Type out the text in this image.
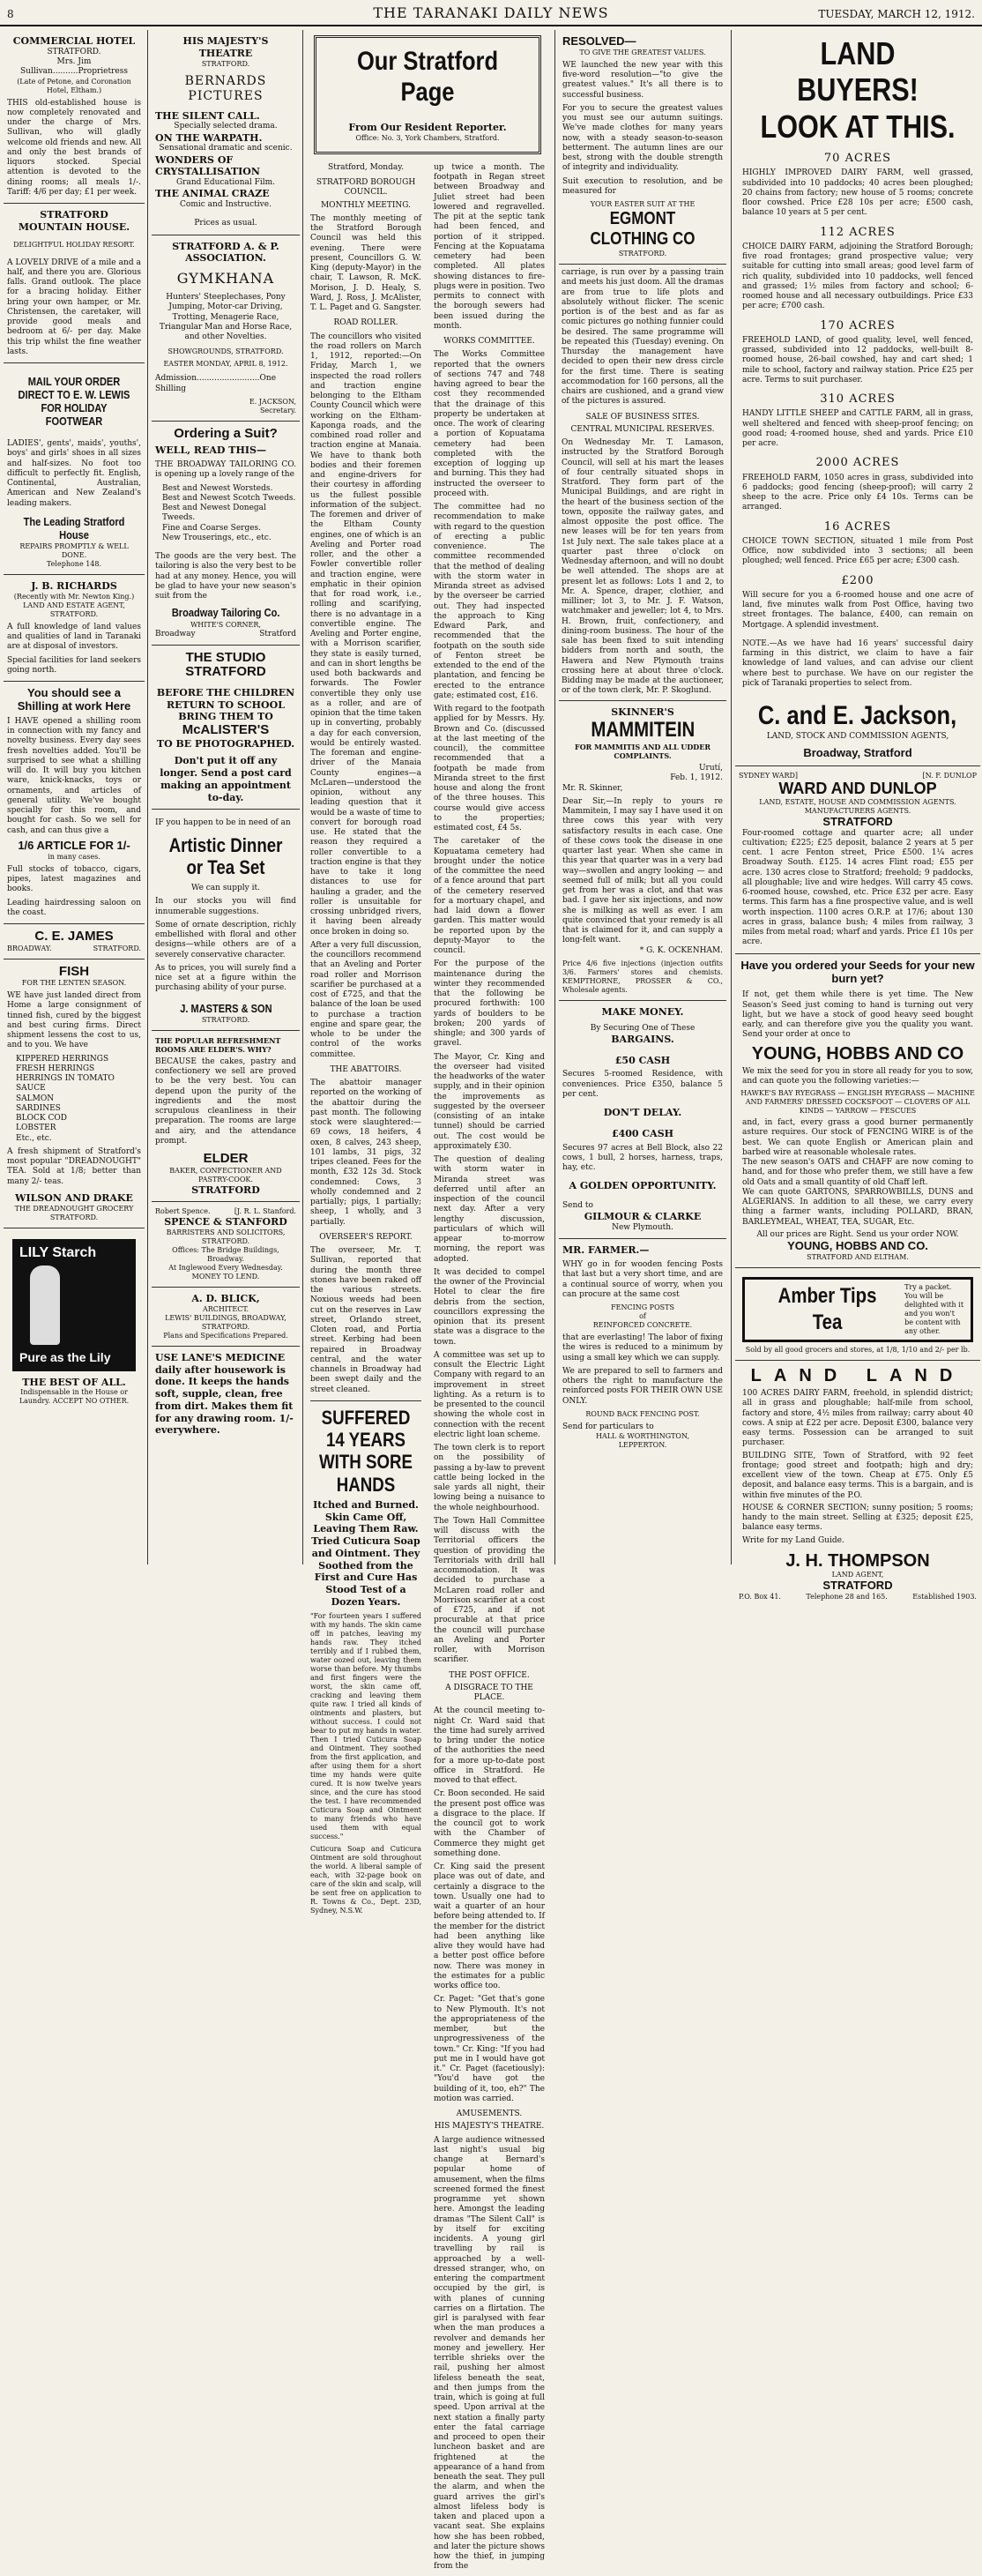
8	THE TARANAKI DAILY NEWS	TUESDAY, MARCH 12, 1912.
COMMERCIAL HOTEL
STRATFORD.
Mrs. Jim Sullivan..........Proprietress
(Late of Petone, and Coronation Hotel, Eltham.)
THIS old-established house is now completely renovated and under the charge of Mrs. Sullivan, who will gladly welcome old friends and new. All and only the best brands of liquors stocked. Special attention is devoted to the dining rooms; all meals 1/-. Tariff: 4/6 per day; £1 per week.
STRATFORD MOUNTAIN HOUSE.
DELIGHTFUL HOLIDAY RESORT.
A LOVELY DRIVE of a mile and a half, and there you are. Glorious falls. Grand outlook. The place for a bracing holiday. Either bring your own hamper, or Mr. Christensen, the caretaker, will provide good meals and bedroom at 6/- per day. Make this trip whilst the fine weather lasts.
MAIL YOUR ORDER DIRECT TO E. W. LEWIS FOR HOLIDAY FOOTWEAR
LADIES', gents', maids', youths', boys' and girls' shoes in all sizes and half-sizes. No foot too difficult to perfectly fit. English, Continental, Australian, American and New Zealand's leading makers.
The Leading Stratford House
REPAIRS PROMPTLY & WELL DONE.
Telephone 148.
J. B. RICHARDS
(Recently with Mr. Newton King.)
LAND AND ESTATE AGENT,
STRATFORD.
A full knowledge of land values and qualities of land in Taranaki are at disposal of investors.
Special facilities for land seekers going north.
You should see a Shilling at work Here
I HAVE opened a shilling room in connection with my fancy and novelty business. Every day sees fresh novelties added. You'll be surprised to see what a shilling will do. It will buy you kitchen ware, knick-knacks, toys or ornaments, and articles of general utility. We've bought specially for this room, and bought for cash. So we sell for cash, and can thus give a
1/6 ARTICLE FOR 1/-
in many cases.
Full stocks of tobacco, cigars, pipes, latest magazines and books.
Leading hairdressing saloon on the coast.
C. E. JAMES
BROADWAY.	STRATFORD.
FISH
FOR THE LENTEN SEASON.
WE have just landed direct from Home a large consignment of tinned fish, cured by the biggest and best curing firms. Direct shipment lessens the cost to us, and to you. We have
KIPPERED HERRINGS
FRESH HERRINGS
HERRINGS IN TOMATO SAUCE
SALMON
SARDINES
BLOCK COD
LOBSTER
Etc., etc.
A fresh shipment of Stratford's most popular "DREADNOUGHT" TEA. Sold at 1/8; better than many 2/- teas.
WILSON AND DRAKE
THE DREADNOUGHT GROCERY
STRATFORD.
LILY Starch
Pure as the Lily
THE BEST OF ALL.
Indispensable in the House or Laundry. ACCEPT NO OTHER.
HIS MAJESTY'S THEATRE
STRATFORD.
BERNARDS PICTURES
THE SILENT CALL.
Specially selected drama.
ON THE WARPATH.
Sensational dramatic and scenic.
WONDERS OF CRYSTALLISATION
Grand Educational Film.
THE ANIMAL CRAZE
Comic and Instructive.
Prices as usual.
STRATFORD A. & P. ASSOCIATION.
GYMKHANA
Hunters' Steeplechases, Pony Jumping, Motor-car Driving, Trotting, Menagerie Race, Triangular Man and Horse Race, and other Novelties.
SHOWGROUNDS, STRATFORD.
EASTER MONDAY, APRIL 8, 1912.
Admission.........................One Shilling
E. JACKSON,
Secretary.
Ordering a Suit?
WELL, READ THIS—
THE BROADWAY TAILORING CO. is opening up a lovely range of the
Best and Newest Worsteds.
Best and Newest Scotch Tweeds.
Best and Newest Donegal Tweeds.
Fine and Coarse Serges.
New Trouserings, etc., etc.
The goods are the very best. The tailoring is also the very best to be had at any money. Hence, you will be glad to have your new season's suit from the
Broadway Tailoring Co.
WHITE'S CORNER,
Broadway	Stratford
THE STUDIO STRATFORD
BEFORE THE CHILDREN RETURN TO SCHOOL BRING THEM TO
McALISTER'S
TO BE PHOTOGRAPHED.
Don't put it off any longer. Send a post card making an appointment to-day.
IF you happen to be in need of an
Artistic Dinner or Tea Set
We can supply it.
In our stocks you will find innumerable suggestions.
Some of ornate description, richly embellished with floral and other designs—while others are of a severely conservative character.
As to prices, you will surely find a nice set at a figure within the purchasing ability of your purse.
J. MASTERS & SON
STRATFORD.
THE POPULAR REFRESHMENT ROOMS ARE ELDER'S. WHY?
BECAUSE the cakes, pastry and confectionery we sell are proved to be the very best. You can depend upon the purity of the ingredients and the most scrupulous cleanliness in their preparation. The rooms are large and airy, and the attendance prompt.
ELDER
BAKER, CONFECTIONER AND PASTRY-COOK.
STRATFORD
Robert Spence.	[J. R. L. Stanford.
SPENCE & STANFORD
BARRISTERS AND SOLICITORS, STRATFORD.
Offices: The Bridge Buildings, Broadway.
At Inglewood Every Wednesday.
MONEY TO LEND.
A. D. BLICK,
ARCHITECT.
LEWIS' BUILDINGS, BROADWAY, STRATFORD.
Plans and Specifications Prepared.
USE LANE'S MEDICINE daily after housework is done. It keeps the hands soft, supple, clean, free from dirt. Makes them fit for any drawing room. 1/- everywhere.
Our Stratford Page
From Our Resident Reporter.
Office: No. 3, York Chambers, Stratford.
Stratford, Monday.
STRATFORD BOROUGH COUNCIL.
MONTHLY MEETING.
The monthly meeting of the Stratford Borough Council was held this evening. There were present, Councillors G. W. King (deputy-Mayor) in the chair, T. Lawson, R. McK. Morison, J. D. Healy, S. Ward, J. Ross, J. McAlister, T. L. Paget and G. Sangster.
ROAD ROLLER.
The councillors who visited the road rollers on March 1, 1912, reported:—On Friday, March 1, we inspected the road rollers and traction engine belonging to the Eltham County Council which were working on the Eltham-Kaponga roads, and the combined road roller and traction engine at Manaia. We have to thank both bodies and their foremen and engine-drivers for their courtesy in affording us the fullest possible information of the subject. The foremen and driver of the Eltham County engines, one of which is an Aveling and Porter road roller, and the other a Fowler convertible roller and traction engine, were emphatic in their opinion that for road work, i.e., rolling and scarifying, there is no advantage in a convertible engine. The Aveling and Porter engine, with a Morrison scarifier, they state is easily turned, and can in short lengths be used both backwards and forwards. The Fowler convertible they only use as a roller, and are of opinion that the time taken up in converting, probably a day for each conversion, would be entirely wasted. The foreman and engine-driver of the Manaia County engines—a McLaren—understood the opinion, without any leading question that it would be a waste of time to convert for borough road use. He stated that the reason they required a roller convertible to a traction engine is that they have to take it long distances to use for hauling a grader, and the roller is unsuitable for crossing unbridged rivers, it having been already once broken in doing so.
After a very full discussion, the councillors recommend that an Aveling and Porter road roller and Morrison scarifier be purchased at a cost of £725, and that the balance of the loan be used to purchase a traction engine and spare gear, the whole to be under the control of the works committee.
THE ABATTOIRS.
The abattoir manager reported on the working of the abattoir during the past month. The following stock were slaughtered:—69 cows, 18 heifers, 4 oxen, 8 calves, 243 sheep, 101 lambs, 31 pigs, 32 tripes cleaned. Fees for the month, £32 12s 3d. Stock condemned: Cows, 3 wholly condemned and 2 partially; pigs, 1 partially; sheep, 1 wholly, and 3 partially.
OVERSEER'S REPORT.
The overseer, Mr. T. Sullivan, reported that during the month three stones have been raked off the various streets. Noxious weeds had been cut on the reserves in Law street, Orlando street, Cloten road, and Portia street. Kerbing had been repaired in Broadway central, and the water channels in Broadway had been swept daily and the street cleaned.
SUFFERED 14 YEARS WITH SORE HANDS
Itched and Burned. Skin Came Off, Leaving Them Raw. Tried Cuticura Soap and Ointment. They Soothed from the First and Cure Has Stood Test of a Dozen Years.
"For fourteen years I suffered with my hands. The skin came off in patches, leaving my hands raw. They itched terribly and if I rubbed them, water oozed out, leaving them worse than before. My thumbs and first fingers were the worst, the skin came off, cracking and leaving them quite raw. I tried all kinds of ointments and plasters, but without success. I could not bear to put my hands in water. Then I tried Cuticura Soap and Ointment. They soothed from the first application, and after using them for a short time my hands were quite cured. It is now twelve years since, and the cure has stood the test. I have recommended Cuticura Soap and Ointment to many friends who have used them with equal success."
Cuticura Soap and Cuticura Ointment are sold throughout the world. A liberal sample of each, with 32-page book on care of the skin and scalp, will be sent free on application to R. Towns & Co., Dept. 23D, Sydney, N.S.W.
up twice a month. The footpath in Regan street between Broadway and Juliet street had been lowered and regravelled. The pit at the septic tank had been fenced, and portion of it stripped. Fencing at the Kopuatama cemetery had been completed. All plates showing distances to fire-plugs were in position. Two permits to connect with the borough sewers had been issued during the month.
WORKS COMMITTEE.
The Works Committee reported that the owners of sections 747 and 748 having agreed to bear the cost they recommended that the drainage of this property be undertaken at once. The work of clearing a portion of Kopuatama cemetery had been completed with the exception of logging up and burning. This they had instructed the overseer to proceed with.
The committee had no recommendation to make with regard to the question of erecting a public convenience. The committee recommended that the method of dealing with the storm water in Miranda street as advised by the overseer be carried out. They had inspected the approach to King Edward Park, and recommended that the footpath on the south side of Fenton street be extended to the end of the plantation, and fencing be erected to the entrance gate; estimated cost, £16.
With regard to the footpath applied for by Messrs. Hy. Brown and Co. (discussed at the last meeting of the council), the committee recommended that a footpath be made from Miranda street to the first house and along the front of the three houses. This course would give access to the properties; estimated cost, £4 5s.
The caretaker of the Kopuatama cemetery had brought under the notice of the committee the need of a fence around that part of the cemetery reserved for a mortuary chapel, and had laid down a flower garden. This matter would be reported upon by the deputy-Mayor to the council.
For the purpose of the maintenance during the winter they recommended that the following be procured forthwith: 100 yards of boulders to be broken; 200 yards of shingle; and 300 yards of gravel.
The Mayor, Cr. King and the overseer had visited the headworks of the water supply, and in their opinion the improvements as suggested by the overseer (consisting of an intake tunnel) should be carried out. The cost would be approximately £30.
The question of dealing with storm water in Miranda street was deferred until after an inspection of the council next day. After a very lengthy discussion, particulars of which will appear to-morrow morning, the report was adopted.
It was decided to compel the owner of the Provincial Hotel to clear the fire debris from the section, councillors expressing the opinion that its present state was a disgrace to the town.
A committee was set up to consult the Electric Light Company with regard to an improvement in street lighting. As a return is to be presented to the council showing the whole cost in connection with the recent electric light loan scheme.
The town clerk is to report on the possibility of passing a by-law to prevent cattle being locked in the sale yards all night, their lowing being a nuisance to the whole neighbourhood.
The Town Hall Committee will discuss with the Territorial officers the question of providing the Territorials with drill hall accommodation. It was decided to purchase a McLaren road roller and Morrison scarifier at a cost of £725, and if not procurable at that price the council will purchase an Aveling and Porter roller, with Morrison scarifier.
THE POST OFFICE.
A DISGRACE TO THE PLACE.
At the council meeting to-night Cr. Ward said that the time had surely arrived to bring under the notice of the authorities the need for a more up-to-date post office in Stratford. He moved to that effect.
Cr. Boon seconded. He said the present post office was a disgrace to the place. If the council got to work with the Chamber of Commerce they might get something done.
Cr. King said the present place was out of date, and certainly a disgrace to the town. Usually one had to wait a quarter of an hour before being attended to. If the member for the district had been anything like alive they would have had a better post office before now. There was money in the estimates for a public works office too.
Cr. Paget: "Get that's gone to New Plymouth. It's not the appropriateness of the member, but the unprogressiveness of the town." Cr. King: "If you had put me in I would have got it." Cr. Paget (facetiously): "You'd have got the building of it, too, eh?" The motion was carried.
AMUSEMENTS.
HIS MAJESTY'S THEATRE.
A large audience witnessed last night's usual big change at Bernard's popular home of amusement, when the films screened formed the finest programme yet shown here. Amongst the leading dramas "The Silent Call" is by itself for exciting incidents. A young girl travelling by rail is approached by a well-dressed stranger, who, on entering the compartment occupied by the girl, is with planes of cunning carries on a flirtation. The girl is paralysed with fear when the man produces a revolver and demands her money and jewellery. Her terrible shrieks over the rail, pushing her almost lifeless beneath the seat, and then jumps from the train, which is going at full speed. Upon arrival at the next station a finally party enter the fatal carriage and proceed to open their luncheon basket and are frightened at the appearance of a hand from beneath the seat. They pull the alarm, and when the guard arrives the girl's almost lifeless body is taken and placed upon a vacant seat. She explains how she has been robbed, and later the picture shows how the thief, in jumping from the
RESOLVED—
TO GIVE THE GREATEST VALUES.
WE launched the new year with this five-word resolution—"to give the greatest values." It's all there is to successful business.
For you to secure the greatest values you must see our autumn suitings. We've made clothes for many years now, with a steady season-to-season betterment. The autumn lines are our best, strong with the double strength of integrity and individuality.
Suit execution to resolution, and be measured for
YOUR EASTER SUIT AT THE
EGMONT CLOTHING CO
STRATFORD.
carriage, is run over by a passing train and meets his just doom. All the dramas are from true to life plots and absolutely without flicker. The scenic portion is of the best and as far as comic pictures go nothing funnier could be desired. The same programme will be repeated this (Tuesday) evening. On Thursday the management have decided to open their new dress circle for the first time. There is seating accommodation for 160 persons, all the chairs are cushioned, and a grand view of the pictures is assured.
SALE OF BUSINESS SITES.
CENTRAL MUNICIPAL RESERVES.
On Wednesday Mr. T. Lamason, instructed by the Stratford Borough Council, will sell at his mart the leases of four centrally situated shops in Stratford. They form part of the Municipal Buildings, and are right in the heart of the business section of the town, opposite the railway gates, and almost opposite the post office. The new leases will be for ten years from 1st July next. The sale takes place at a quarter past three o'clock on Wednesday afternoon, and will no doubt be well attended. The shops are at present let as follows: Lots 1 and 2, to Mr. A. Spence, draper, clothier, and milliner; lot 3, to Mr. J. F. Watson, watchmaker and jeweller; lot 4, to Mrs. H. Brown, fruit, confectionery, and dining-room business. The hour of the sale has been fixed to suit intending bidders from north and south, the Hawera and New Plymouth trains crossing here at about three o'clock. Bidding may be made at the auctioneer, or of the town clerk, Mr. P. Skoglund.
SKINNER'S
MAMMITEIN
FOR MAMMITIS AND ALL UDDER COMPLAINTS.
Urutí,
Feb. 1, 1912.
Mr. R. Skinner,
Dear Sir,—In reply to yours re Mammitein, I may say I have used it on three cows this year with very satisfactory results in each case. One of these cows took the disease in one quarter last year. When she came in this year that quarter was in a very bad way—swollen and angry looking — and seemed full of milk; but all you could get from her was a clot, and that was bad. I gave her six injections, and now she is milking as well as ever. I am quite convinced that your remedy is all that is claimed for it, and can supply a long-felt want.
* G. K. OCKENHAM.
Price 4/6 five injections (injection outfits 3/6. Farmers' stores and chemists. KEMPTHORNE, PROSSER & CO., Wholesale agents.
MAKE MONEY.
By Securing One of These
BARGAINS.
£50 CASH
Secures 5-roomed Residence, with conveniences. Price £350, balance 5 per cent.
DON'T DELAY.
£400 CASH
Secures 97 acres at Bell Block, also 22 cows, 1 bull, 2 horses, harness, traps, hay, etc.
A GOLDEN OPPORTUNITY.
Send to
GILMOUR & CLARKE
New Plymouth.
MR. FARMER.—
WHY go in for wooden fencing Posts that last but a very short time, and are a continual source of worry, when you can procure at the same cost
FENCING POSTS
of
REINFORCED CONCRETE.
that are everlasting! The labor of fixing the wires is reduced to a minimum by using a small key which we can supply.
We are prepared to sell to farmers and others the right to manufacture the reinforced posts FOR THEIR OWN USE ONLY.
ROUND BACK FENCING POST.
Send for particulars to
HALL & WORTHINGTON,
LEPPERTON.
LAND BUYERS! LOOK AT THIS.
70 ACRES
HIGHLY IMPROVED DAIRY FARM, well grassed, subdivided into 10 paddocks; 40 acres been ploughed; 20 chains from factory; new house of 5 rooms; concrete floor cowshed. Price £28 10s per acre; £500 cash, balance 10 years at 5 per cent.
112 ACRES
CHOICE DAIRY FARM, adjoining the Stratford Borough; five road frontages; grand prospective value; very suitable for cutting into small areas; good level farm of rich quality, subdivided into 10 paddocks, well fenced and grassed; 1½ miles from factory and school; 6-roomed house and all necessary outbuildings. Price £33 per acre; £700 cash.
170 ACRES
FREEHOLD LAND, of good quality, level, well fenced, grassed, subdivided into 12 paddocks, well-built 8-roomed house, 26-bail cowshed, hay and cart shed; 1 mile to school, factory and railway station. Price £25 per acre. Terms to suit purchaser.
310 ACRES
HANDY LITTLE SHEEP and CATTLE FARM, all in grass, well sheltered and fenced with sheep-proof fencing; on good road; 4-roomed house, shed and yards. Price £10 per acre.
2000 ACRES
FREEHOLD FARM, 1050 acres in grass, subdivided into 6 paddocks; good fencing (sheep-proof); will carry 2 sheep to the acre. Price only £4 10s. Terms can be arranged.
16 ACRES
CHOICE TOWN SECTION, situated 1 mile from Post Office, now subdivided into 3 sections; all been ploughed; well fenced. Price £65 per acre; £300 cash.
£200
Will secure for you a 6-roomed house and one acre of land, five minutes walk from Post Office, having two street frontages. The balance, £400, can remain on Mortgage. A splendid investment.
NOTE.—As we have had 16 years' successful dairy farming in this district, we claim to have a fair knowledge of land values, and can advise our client where best to purchase. We have on our register the pick of Taranaki properties to select from.
C. and E. Jackson,
LAND, STOCK AND COMMISSION AGENTS,
Broadway, Stratford
SYDNEY WARD]	[N. F. DUNLOP
WARD AND DUNLOP
LAND, ESTATE, HOUSE AND COMMISSION AGENTS.
MANUFACTURERS AGENTS.
STRATFORD
Four-roomed cottage and quarter acre; all under cultivation; £225; £25 deposit, balance 2 years at 5 per cent. 1 acre Fenton street, Price £500. 1¼ acres Broadway South. £125. 14 acres Flint road; £55 per acre. 130 acres close to Stratford; freehold; 9 paddocks, all ploughable; live and wire hedges. Will carry 45 cows. 6-roomed house, cowshed, etc. Price £32 per acre. Easy terms. This farm has a fine prospective value, and is well worth inspection. 1100 acres O.R.P. at 17/6; about 130 acres in grass, balance bush; 4 miles from railway, 3 miles from metal road; wharf and yards. Price £1 10s per acre.
Have you ordered your Seeds for your new burn yet?
If not, get them while there is yet time. The New Season's Seed just coming to hand is turning out very light, but we have a stock of good heavy seed bought early, and can therefore give you the quality you want. Send your order at once to
YOUNG, HOBBS AND CO
We mix the seed for you in store all ready for you to sow, and can quote you the following varieties:—
HAWKE'S BAY RYEGRASS — ENGLISH RYEGRASS — MACHINE AND FARMERS' DRESSED COCKSFOOT — CLOVERS OF ALL KINDS — YARROW — FESCUES
and, in fact, every grass a good burner permanently asture requires. Our stock of FENCING WIRE is of the best. We can quote English or American plain and barbed wire at reasonable wholesale rates.
The new season's OATS and CHAFF are now coming to hand, and for those who prefer them, we still have a few old Oats and a small quantity of old Chaff left.
We can quote GARTONS, SPARROWBILLS, DUNS and ALGERIANS. In addition to all these, we carry every thing a farmer wants, including POLLARD, BRAN, BARLEYMEAL, WHEAT, TEA, SUGAR, Etc.
All our prices are Right. Send us your order NOW.
YOUNG, HOBBS AND CO.
STRATFORD AND ELTHAM.
Amber Tips Tea
Try a packet. You will be delighted with it and you won't be content with any other.
Sold by all good grocers and stores, at 1/8, 1/10 and 2/- per lb.
LAND LAND
100 ACRES DAIRY FARM, freehold, in splendid district; all in grass and ploughable; half-mile from school, factory and store, 4½ miles from railway; carry about 40 cows. A snip at £22 per acre. Deposit £300, balance very easy terms. Possession can be arranged to suit purchaser.
BUILDING SITE, Town of Stratford, with 92 feet frontage; good street and footpath; high and dry; excellent view of the town. Cheap at £75. Only £5 deposit, and balance easy terms. This is a bargain, and is within five minutes of the P.O.
HOUSE & CORNER SECTION; sunny position; 5 rooms; handy to the main street. Selling at £325; deposit £25, balance easy terms.
Write for my Land Guide.
J. H. THOMPSON
LAND AGENT,
STRATFORD
P.O. Box 41.	Telephone 28 and 165.	Established 1903.
